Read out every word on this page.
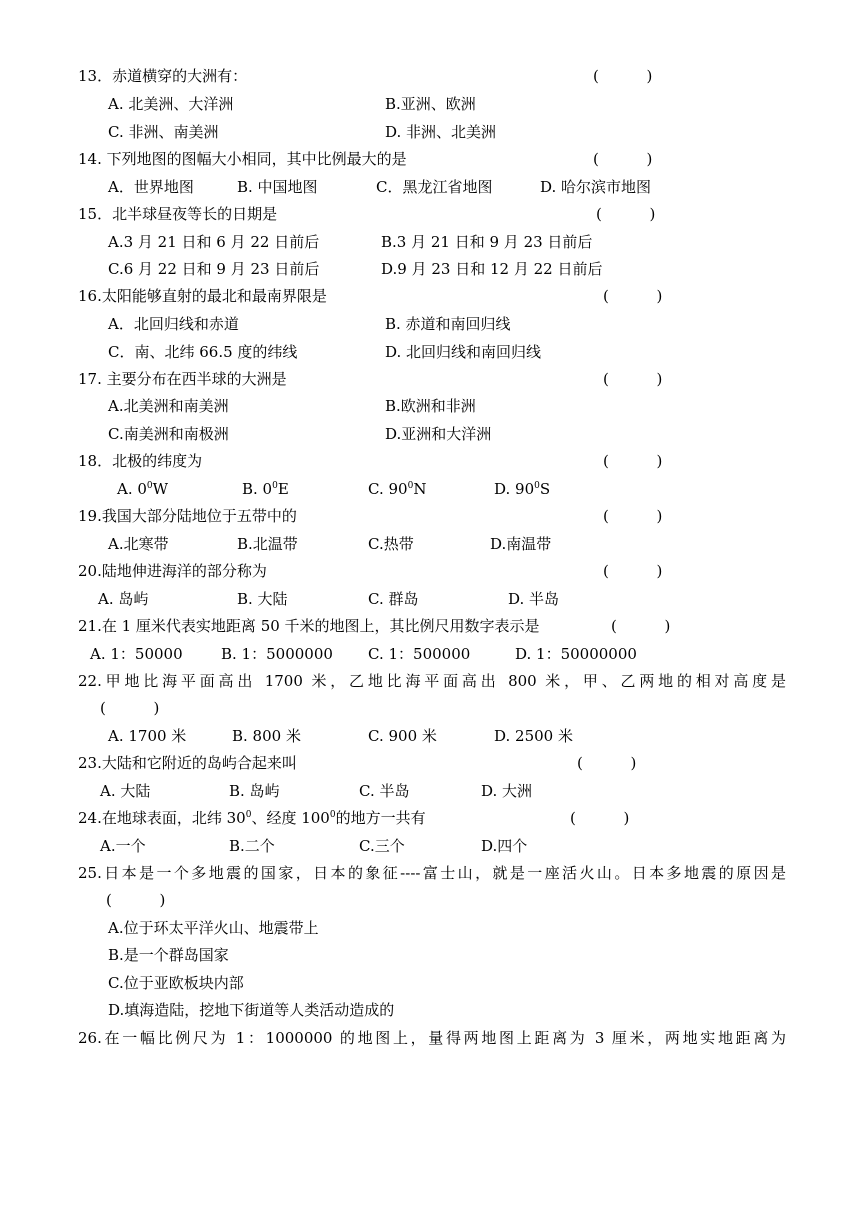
13．赤道横穿的大洲有：	(          )
A. 北美洲、大洋洲	B.亚洲、欧洲
C. 非洲、南美洲	D. 非洲、北美洲
14. 下列地图的图幅大小相同，其中比例最大的是	(          )
A．世界地图	B. 中国地图	C．黑龙江省地图	D. 哈尔滨市地图
15．北半球昼夜等长的日期是	(          )
A.3 月 21 日和 6 月 22 日前后	B.3 月 21 日和 9 月 23 日前后
C.6 月 22 日和 9 月 23 日前后	D.9 月 23 日和 12 月 22 日前后
16.太阳能够直射的最北和最南界限是	(          )
A．北回归线和赤道	B. 赤道和南回归线
C．南、北纬 66.5 度的纬线	D. 北回归线和南回归线
17. 主要分布在西半球的大洲是	(          )
A.北美洲和南美洲	B.欧洲和非洲
C.南美洲和南极洲	D.亚洲和大洋洲
18．北极的纬度为	(          )
A. $0^0W$	B. $0^0E$	C. $90^0N$	D. $90^0S$
19.我国大部分陆地位于五带中的	(          )
A.北寒带	B.北温带	C.热带	D.南温带
20.陆地伸进海洋的部分称为	(          )
A. 岛屿	B. 大陆	C. 群岛	D. 半岛
21.在 1 厘米代表实地距离 50 千米的地图上，其比例尺用数字表示是	(          )
A. 1：50000	B. 1：5000000 C. 1：500000	D. 1：50000000
22.甲地比海平面高出 1700 米，乙地比海平面高出 800 米，甲、乙两地的相对高度是
(          )
A. 1700 米	B. 800 米	C. 900 米	D. 2500 米
23.大陆和它附近的岛屿合起来叫	(          )
A. 大陆	B. 岛屿	C. 半岛	D. 大洲
24.在地球表面，北纬 $30^0$、经度 $100^0$的地方一共有	(          )
A.一个	B.二个	C.三个	D.四个
25.日本是一个多地震的国家，日本的象征----富士山，就是一座活火山。日本多地震的原因是
(          )
A.位于环太平洋火山、地震带上
B.是一个群岛国家
C.位于亚欧板块内部
D.填海造陆，挖地下街道等人类活动造成的
26.在一幅比例尺为 1：1000000 的地图上，量得两地图上距离为 3 厘米，两地实地距离为
